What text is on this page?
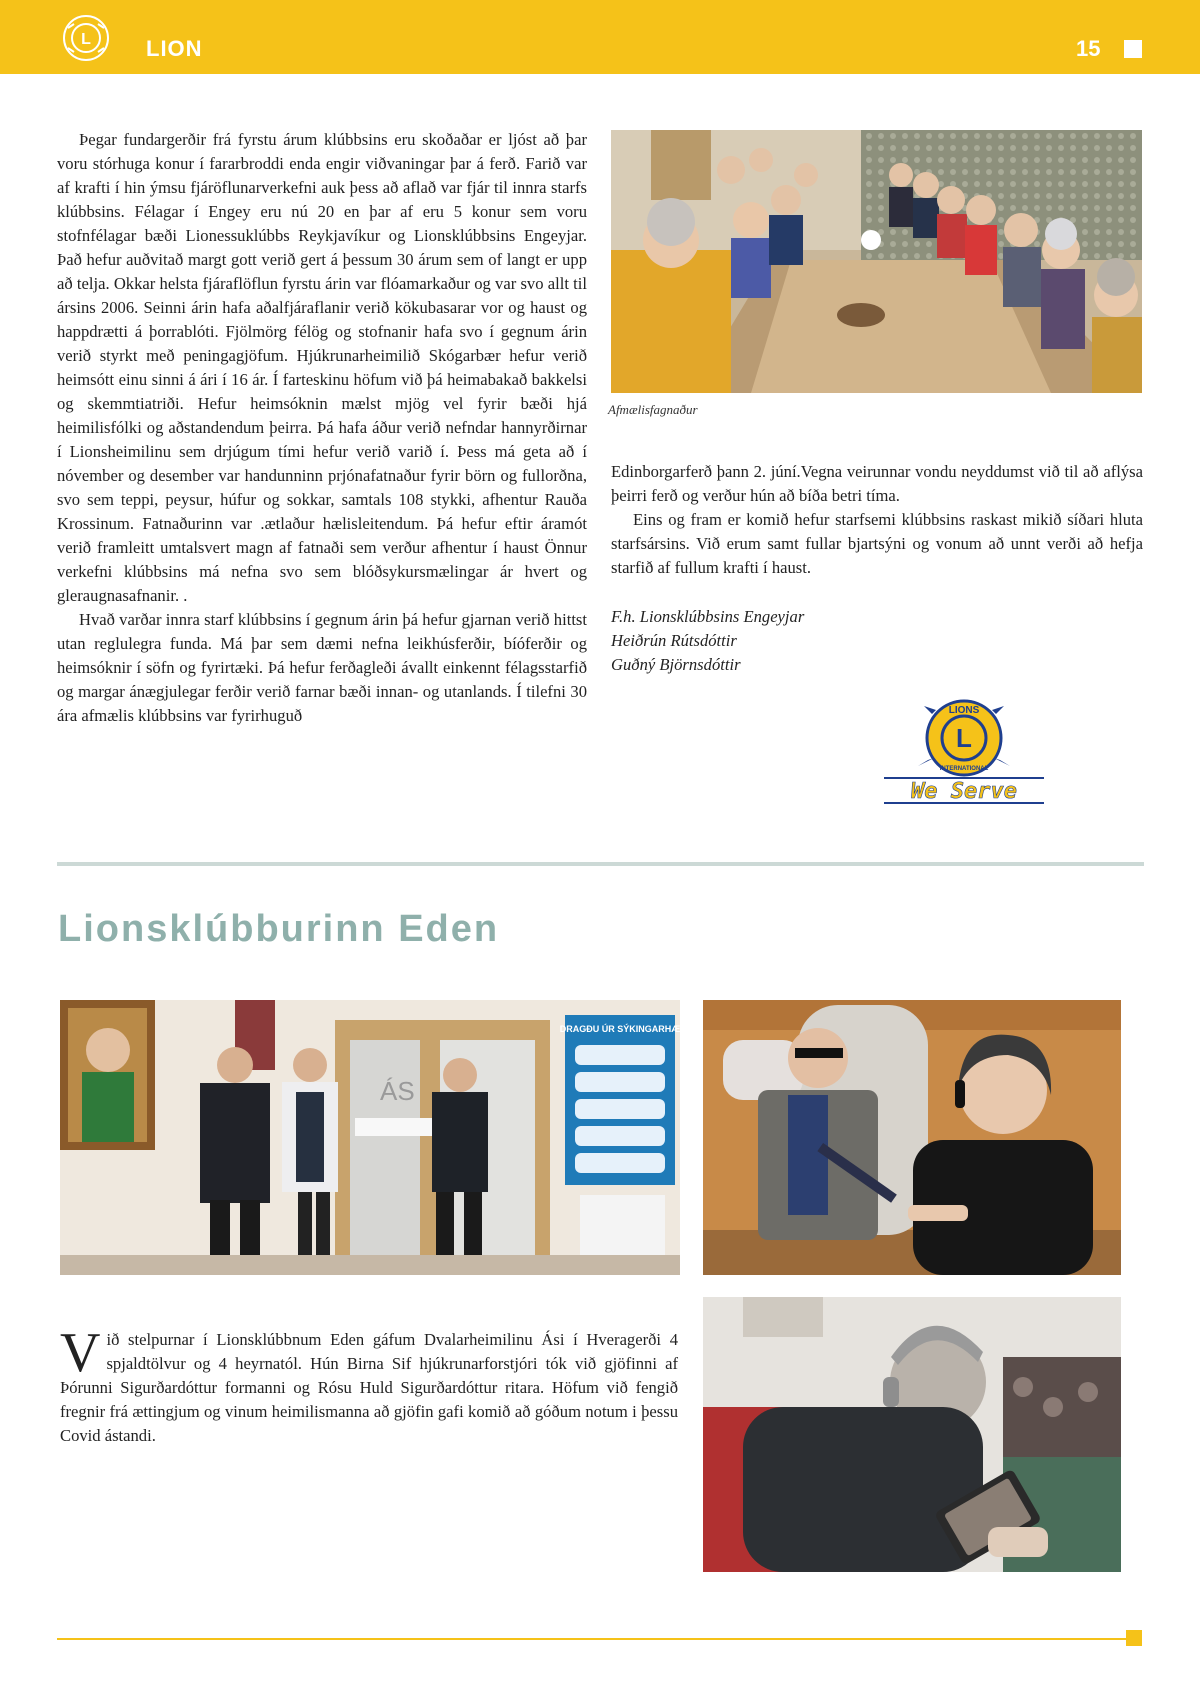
L	LION	15

Þegar fundargerðir frá fyrstu árum klúbbsins eru skoðaðar er ljóst að þar voru stórhuga konur í fararbroddi enda engir viðvaningar þar á ferð. Farið var af krafti í hin ýmsu fjáröflunarverkefni auk þess að aflað var fjár til innra starfs klúbbsins. Félagar í Engey eru nú 20 en þar af eru 5 konur sem voru stofnfélagar bæði Lionessuklúbbs Reykjavíkur og Lionsklúbbsins Engeyjar. Það hefur auðvitað margt gott verið gert á þessum 30 árum sem of langt er upp að telja. Okkar helsta fjáraflöflun fyrstu árin var flóamarkaður og var svo allt til ársins 2006. Seinni árin hafa aðalfjáraflanir verið kökubasarar vor og haust og happdrætti á þorrablóti. Fjölmörg félög og stofnanir hafa svo í gegnum árin verið styrkt með peningagjöfum. Hjúkrunarheimilið Skógarbær hefur verið heimsótt einu sinni á ári í 16 ár. Í farteskinu höfum við þá heimabakað bakkelsi og skemmtiatriði. Hefur heimsóknin mælst mjög vel fyrir bæði hjá heimilisfólki og aðstandendum þeirra. Þá hafa áður verið nefndar hannyrðirnar í Lionsheimilinu sem drjúgum tími hefur verið varið í. Þess má geta að í nóvember og desember var handunninn prjónafatnaður fyrir börn og fullorðna, svo sem teppi, peysur, húfur og sokkar, samtals 108 stykki, afhentur Rauða Krossinum. Fatnaðurinn var .ætlaður hælisleitendum. Þá hefur eftir áramót verið framleitt umtalsvert magn af fatnaði sem verður afhentur í haust Önnur verkefni klúbbsins má nefna svo sem blóðsykursmælingar ár hvert og gleraugnasafnanir. .

Hvað varðar innra starf klúbbsins í gegnum árin þá hefur gjarnan verið hittst utan reglulegra funda. Má þar sem dæmi nefna leikhúsferðir, bíóferðir og heimsóknir í söfn og fyrirtæki. Þá hefur ferðagleði ávallt einkennt félagsstarfið og margar ánægjulegar ferðir verið farnar bæði innan- og utanlands. Í tilefni 30 ára afmælis klúbbsins var fyrirhuguð

Afmælisfagnaður

Edinborgarferð þann 2. júní.Vegna veirunnar vondu neyddumst við til að aflýsa þeirri ferð og verður hún að bíða betri tíma.

Eins og fram er komið hefur starfsemi klúbbsins raskast mikið síðari hluta starfsársins. Við erum samt fullar bjartsýni og vonum að unnt verði að hefja starfið af fullum krafti í haust.

F.h. Lionsklúbbsins Engeyjar
Heiðrún Rútsdóttir
Guðný Björnsdóttir
L
LIONS
INTERNATIONAL
We Serve
Lionsklúbburinn Eden
ÁS
DRAGÐU ÚR SÝKINGARHÆ
Við stelpurnar í Lionsklúbbnum Eden gáfum Dvalarheimilinu Ási í Hveragerði 4 spjaldtölvur og 4 heyrnatól. Hún Birna Sif hjúkrunarforstjóri tók við gjöfinni af Þórunni Sigurðardóttur formanni og Rósu Huld Sigurðardóttur ritara. Höfum við fengið fregnir frá ættingjum og vinum heimilismanna að gjöfin gafi komið að góðum notum i þessu Covid ástandi.
